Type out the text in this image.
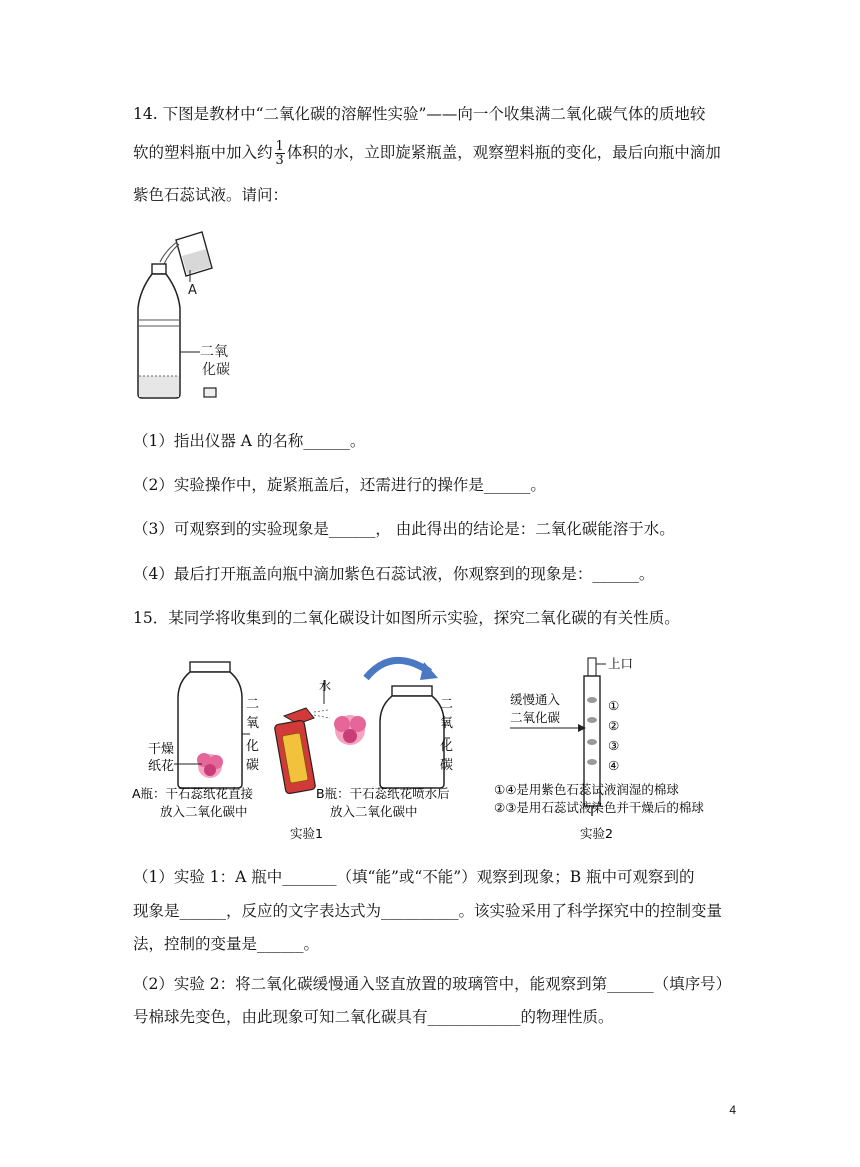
14. 下图是教材中“二氧化碳的溶解性实验”——向一个收集满二氧化碳气体的质地较
软的塑料瓶中加入约 $\frac{1}{3}$ 体积的水，立即旋紧瓶盖，观察塑料瓶的变化，最后向瓶中滴加
紫色石蕊试液。请问：
A
二氧
化碳
（1）指出仪器 A 的名称______。
（2）实验操作中，旋紧瓶盖后，还需进行的操作是______。
（3）可观察到的实验现象是______， 由此得出的结论是：二氧化碳能溶于水。
（4）最后打开瓶盖向瓶中滴加紫色石蕊试液，你观察到的现象是：______。
15．某同学将收集到的二氧化碳设计如图所示实验，探究二氧化碳的有关性质。
二
氧
化
碳
干燥
纸花
A瓶：干石蕊纸花直接
放入二氧化碳中
水
二
氧
化
碳
B瓶：干石蕊纸花喷水后
放入二氧化碳中
实验1
上口
缓慢通入
二氧化碳
①
②
③
④
①④是用紫色石蕊试液润湿的棉球
②③是用石蕊试液染色并干燥后的棉球
实验2
（1）实验 1：A 瓶中_______（填“能”或“不能”）观察到现象；B 瓶中可观察到的
现象是______，反应的文字表达式为__________。该实验采用了科学探究中的控制变量
法，控制的变量是______。
（2）实验 2：将二氧化碳缓慢通入竖直放置的玻璃管中，能观察到第______（填序号）
号棉球先变色，由此现象可知二氧化碳具有____________的物理性质。
4
